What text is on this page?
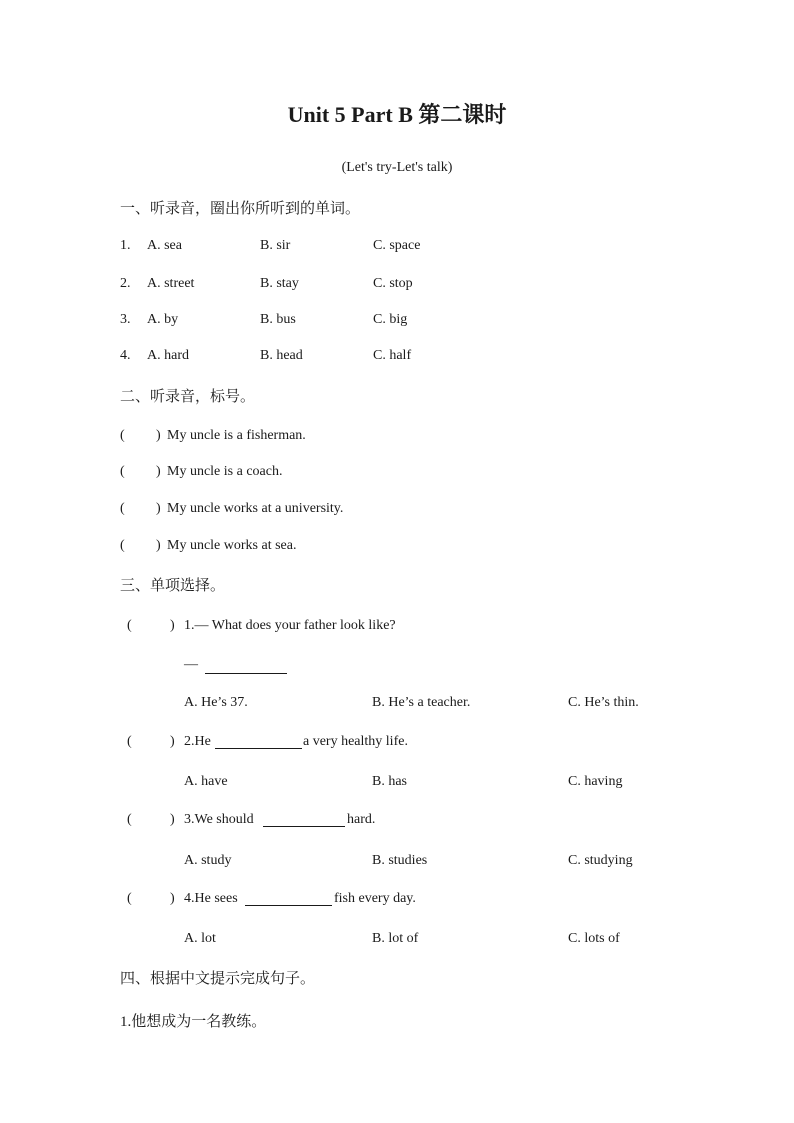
Unit 5 Part B 第二课时
(Let's try-Let's talk)
一、听录音，圈出你所听到的单词。
1. A. sea	B. sir	C. space
2. A. street	B. stay	C. stop
3. A. by	B. bus	C. big
4. A. hard	B. head	C. half
二、听录音，标号。
( ) My uncle is a fisherman.
( ) My uncle is a coach.
( ) My uncle works at a university.
( ) My uncle works at sea.
三、单项选择。
(	) 1.— What does your father look like?
—
A. He’s 37.	B. He’s a teacher.	C. He’s thin.
(	) 2.He	a very healthy life.
A. have	B. has	C. having
(	) 3.We should	hard.
A. study	B. studies	C. studying
(	) 4.He sees	fish every day.
A. lot	B. lot of	C. lots of
四、根据中文提示完成句子。
1.他想成为一名教练。
